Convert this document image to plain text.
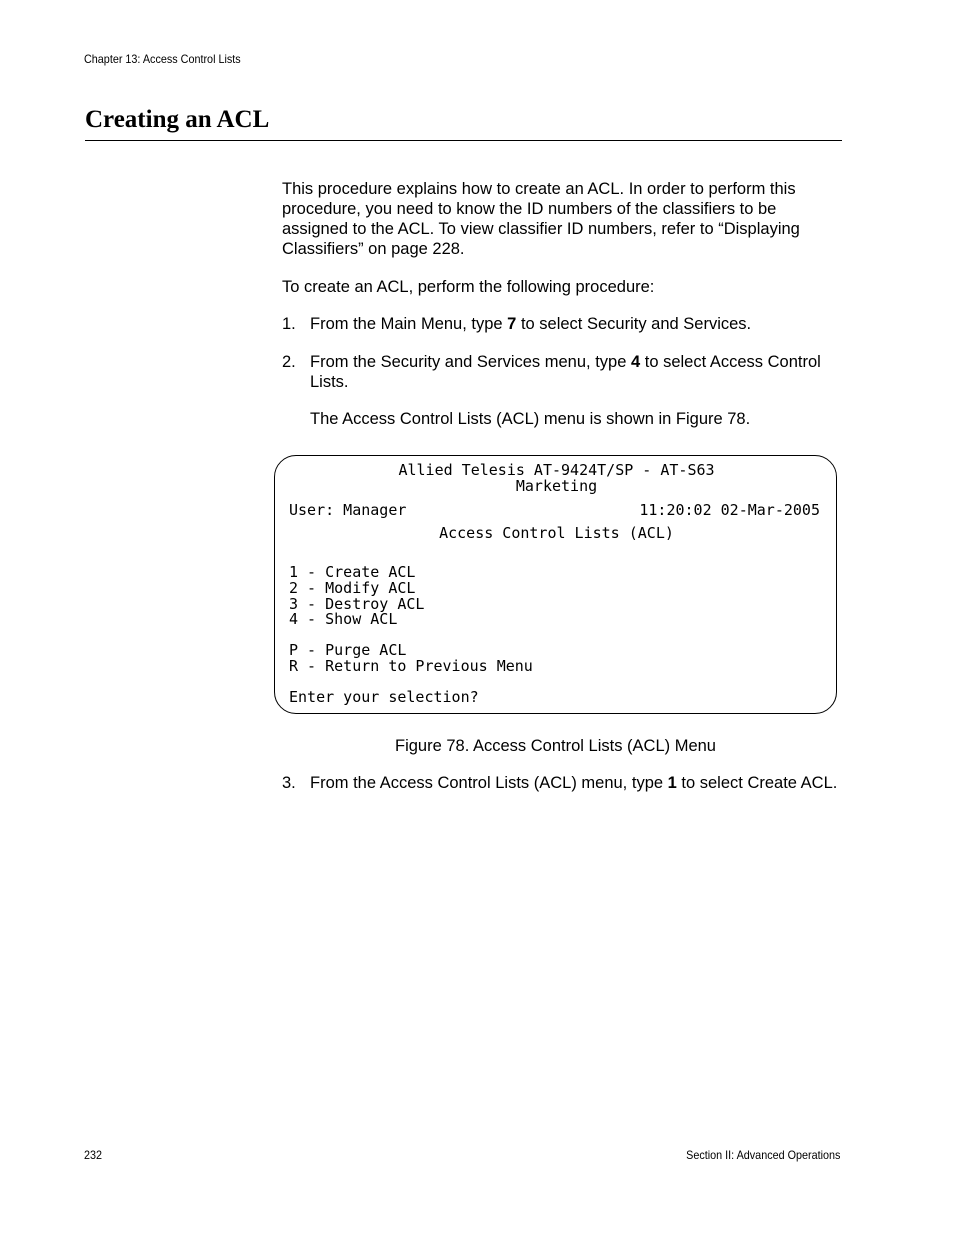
Chapter 13: Access Control Lists
Creating an ACL

This procedure explains how to create an ACL. In order to perform this procedure, you need to know the ID numbers of the classifiers to be assigned to the ACL. To view classifier ID numbers, refer to “Displaying Classifiers” on page 228.

To create an ACL, perform the following procedure:

1. From the Main Menu, type 7 to select Security and Services.
2. From the Security and Services menu, type 4 to select Access Control Lists.
The Access Control Lists (ACL) menu is shown in Figure 78.
Allied Telesis AT-9424T/SP - AT-S63
Marketing
User: Manager	11:20:02 02-Mar-2005
Access Control Lists (ACL)
1 - Create ACL
2 - Modify ACL
3 - Destroy ACL
4 - Show ACL
P - Purge ACL
R - Return to Previous Menu
Enter your selection?
Figure 78. Access Control Lists (ACL) Menu
3. From the Access Control Lists (ACL) menu, type 1 to select Create ACL.
232	Section II: Advanced Operations
